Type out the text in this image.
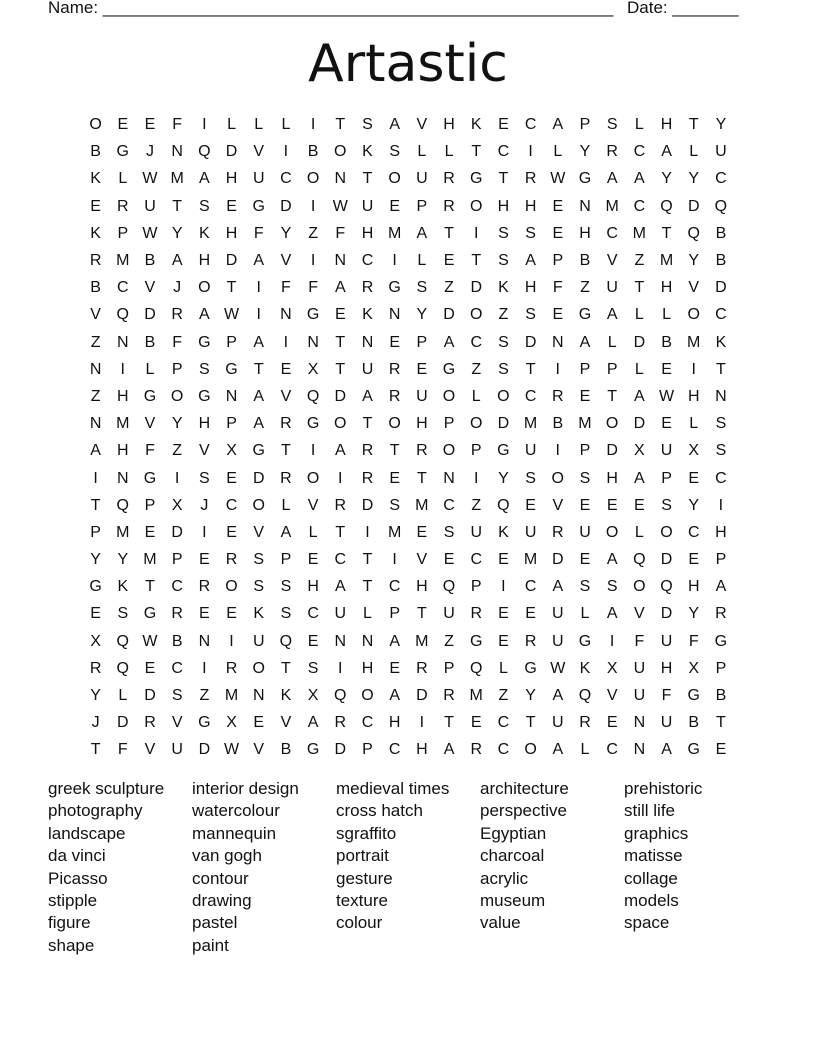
Name: ______________________________________________________ Date: _______
Artastic
O E	E	F	I	L	L	L	I	T	S	A	V	H	K	E	C	A	P	S	L	H	T	Y
B G	J	N Q D	V	I	B O K	S	L	L	T	C	I	L	Y	R C	A	L	U
K	L W M A	H U C O N	T	O U R G	T	R W G A	A	Y	Y	C
E	R U	T	S	E G D	I	W U	E	P	R O H H	E	N M C Q D Q
K	P W Y	K	H	F	Y	Z	F	H M A	T	I	S	S	E	H C M T	Q B
R M B	A	H D	A	V	I	N C	I	L	E	T	S	A	P	B	V	Z M Y	B
B	C	V	J	O	T	I	F	F	A	R G S	Z	D	K	H	F	Z	U	T	H	V	D
V Q D R	A W	I	N G E	K	N	Y	D O	Z	S	E G A	L	L	O C
Z	N	B	F	G P	A	I	N	T	N	E	P	A	C	S	D N	A	L	D	B M K
N	I	L	P	S G	T	E	X	T	U R	E G	Z	S	T	I	P	P	L	E	I	T
Z	H G O G N	A	V Q D	A	R U O	L	O C R	E	T	A W H N
N M V	Y	H	P	A	R G O	T	O H	P O D M B M O D	E	L	S
A	H	F	Z	V	X G	T	I	A	R	T	R O P G U	I	P	D	X	U	X	S
I	N G	I	S	E	D R O	I	R	E	T	N	I	Y	S O S	H	A	P	E	C
T	Q P	X	J	C O	L	V	R D	S M C	Z	Q E	V	E	E	E	S	Y	I
P M E	D	I	E	V	A	L	T	I	M E	S	U	K	U R U O	L	O C H
Y	Y M P	E	R	S	P	E	C	T	I	V	E	C	E M D	E	A Q D	E	P
G K	T	C R O S	S	H	A	T	C H Q P	I	C	A	S	S O Q H	A
E	S G R	E	E	K	S	C U	L	P	T	U R	E	E	U	L	A	V	D	Y	R
X Q W B	N	I	U Q E	N N	A M Z	G E	R U G	I	F	U	F	G
R Q E	C	I	R O	T	S	I	H	E	R	P Q	L	G W K	X	U H	X	P
Y	L	D	S	Z M N	K	X Q O A	D R M Z	Y	A Q V	U	F	G B
J	D R	V G X	E	V	A	R C H	I	T	E	C	T	U R	E	N U	B	T
T	F	V	U D W V	B G D	P	C H	A	R C O A	L	C N	A G E
greek sculpture
photography
landscape
da vinci
Picasso
stipple
figure
shape
interior design
watercolour
mannequin
van gogh
contour
drawing
pastel
paint
medieval times
cross hatch
sgraffito
portrait
gesture
texture
colour
architecture
perspective
Egyptian
charcoal
acrylic
museum
value
prehistoric
still life
graphics
matisse
collage
models
space
